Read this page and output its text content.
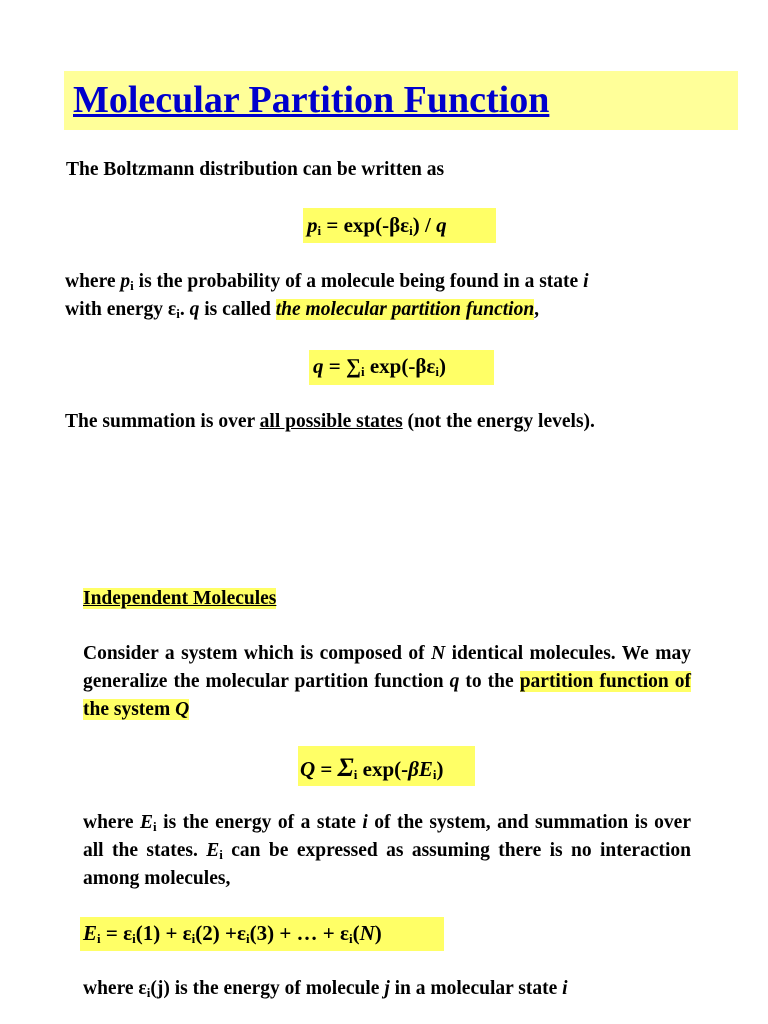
Molecular Partition Function
The Boltzmann distribution can be written as
$p_i = \exp(-\beta\varepsilon_i) / q$
where $p_i$ is the probability of a molecule being found in a state i
with energy $\varepsilon_i$. q is called the molecular partition function,
$q = \sum_i$ $\exp(-\beta\varepsilon_i)$
The summation is over all possible states (not the energy levels).
Independent Molecules
Consider a system which is composed of N identical molecules. We may generalize the molecular partition function q to the partition function of the system Q
$Q = \Sigma_i$ $\exp(-\beta E_i)$
where $E_i$ is the energy of a state i of the system, and summation is over all the states. $E_i$ can be expressed as assuming there is no interaction among molecules,
$E_i = \varepsilon_i(1) + \varepsilon_i(2) +\varepsilon_i(3)$ + … + $\varepsilon_i(N)$
where $\varepsilon_i(j)$ is the energy of molecule j in a molecular state i
